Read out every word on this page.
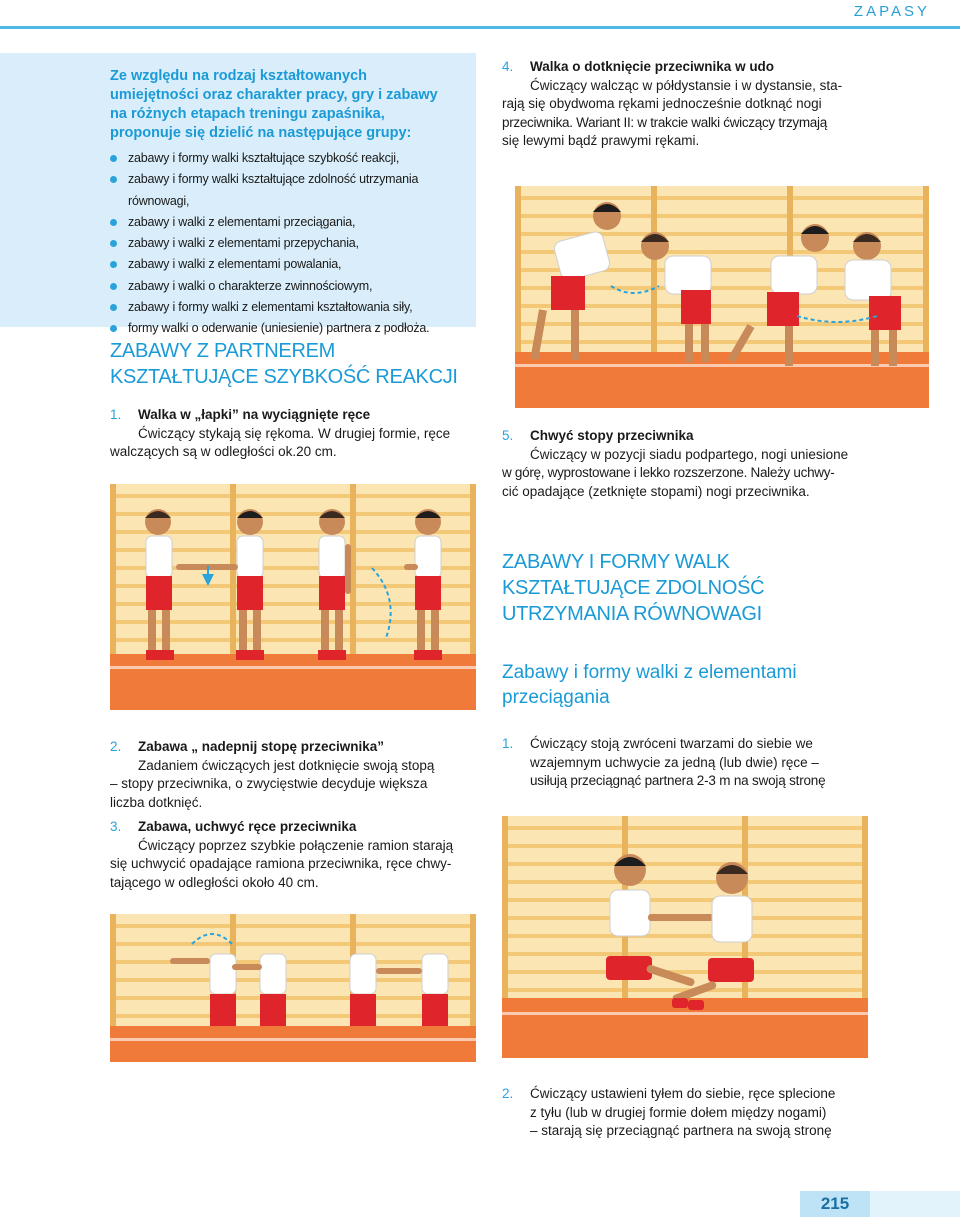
ZAPASY
Ze względu na rodzaj kształtowanych umiejętności oraz charakter pracy, gry i zabawy na różnych etapach treningu zapaśnika, proponuje się dzielić na następujące grupy:
zabawy i formy walki kształtujące szybkość reakcji,
zabawy i formy walki kształtujące zdolność utrzymania równowagi,
zabawy i walki z elementami przeciągania,
zabawy i walki z elementami przepychania,
zabawy i walki z elementami powalania,
zabawy i walki o charakterze zwinnościowym,
zabawy i formy walki z elementami kształtowania siły,
formy walki o oderwanie (uniesienie) partnera z podłoża.
ZABAWY Z PARTNEREM
KSZTAŁTUJĄCE SZYBKOŚĆ REAKCJI

1. Walka w „łapki” na wyciągnięte ręce

Ćwiczący stykają się rękoma. W drugiej formie, ręce

walczących są w odległości ok.20 cm.

2. Zabawa „ nadepnij stopę przeciwnika”

Zadaniem ćwiczących jest dotknięcie swoją stopą

– stopy przeciwnika, o zwycięstwie decyduje większa

liczba dotknięć.

3. Zabawa, uchwyć ręce przeciwnika

Ćwiczący poprzez szybkie połączenie ramion starają

się uchwycić opadające ramiona przeciwnika, ręce chwy-

tającego w odległości około 40 cm.

4. Walka o dotknięcie przeciwnika w udo

Ćwiczący walcząc w półdystansie i w dystansie, sta-

rają się obydwoma rękami jednocześnie dotknąć nogi

przeciwnika. Wariant II: w trakcie walki ćwiczący trzymają

się lewymi bądź prawymi rękami.

5. Chwyć stopy przeciwnika

Ćwiczący w pozycji siadu podpartego, nogi uniesione

w górę, wyprostowane i lekko rozszerzone. Należy uchwy-

cić opadające (zetknięte stopami) nogi przeciwnika.

ZABAWY I FORMY WALK
KSZTAŁTUJĄCE ZDOLNOŚĆ
UTRZYMANIA RÓWNOWAGI
Zabawy i formy walki z elementami
przeciągania

1. Ćwiczący stoją zwróceni twarzami do siebie we

wzajemnym uchwycie za jedną (lub dwie) ręce –

usiłują przeciągnąć partnera 2-3 m na swoją stronę

2. Ćwiczący ustawieni tyłem do siebie, ręce splecione

z tyłu (lub w drugiej formie dołem między nogami)

– starają się przeciągnąć partnera na swoją stronę

215
